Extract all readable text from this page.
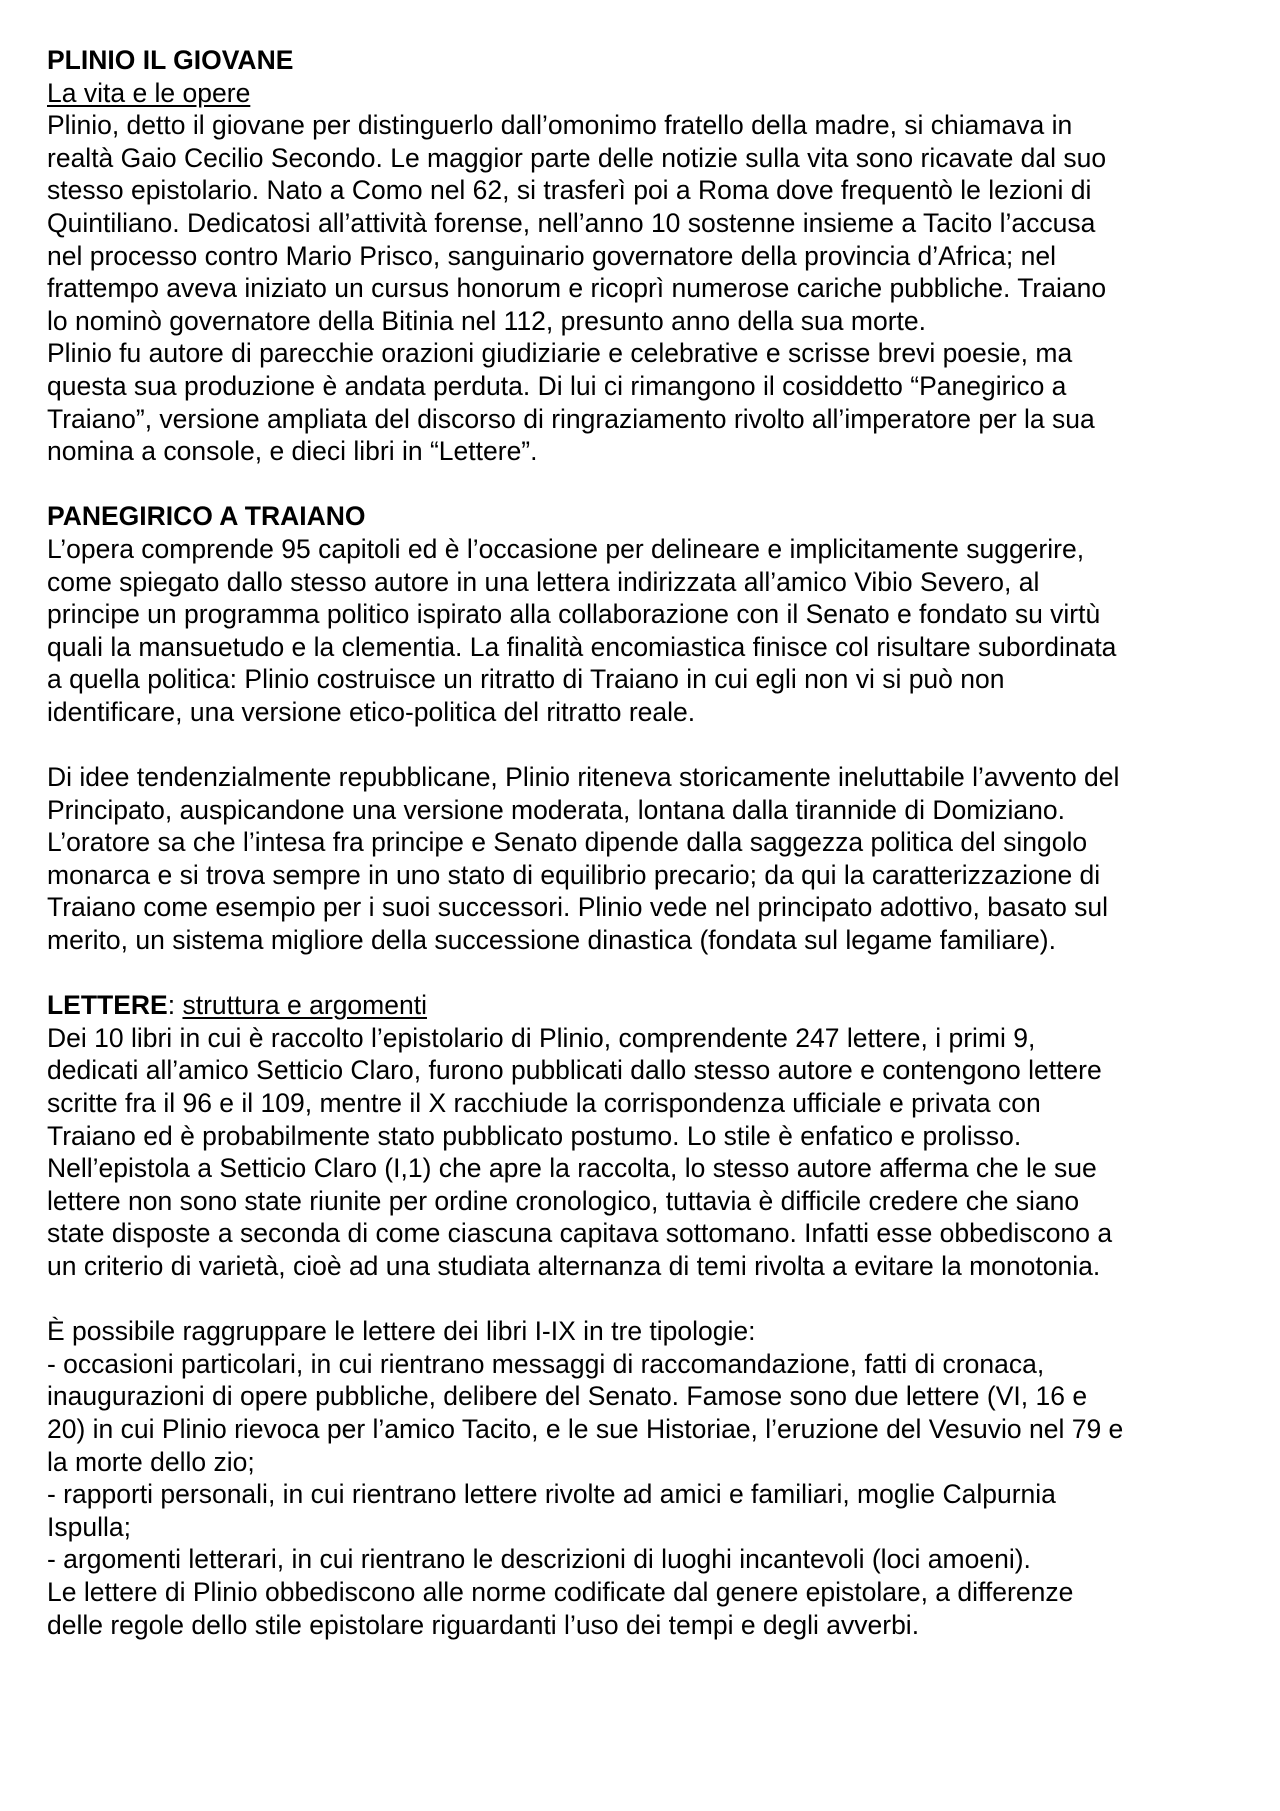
PLINIO IL GIOVANE

La vita e le opere

Plinio, detto il giovane per distinguerlo dall’omonimo fratello della madre, si chiamava in
realtà Gaio Cecilio Secondo. Le maggior parte delle notizie sulla vita sono ricavate dal suo
stesso epistolario. Nato a Como nel 62, si trasferì poi a Roma dove frequentò le lezioni di
Quintiliano. Dedicatosi all’attività forense, nell’anno 10 sostenne insieme a Tacito l’accusa
nel processo contro Mario Prisco, sanguinario governatore della provincia d’Africa; nel
frattempo aveva iniziato un cursus honorum e ricoprì numerose cariche pubbliche. Traiano
lo nominò governatore della Bitinia nel 112, presunto anno della sua morte.

Plinio fu autore di parecchie orazioni giudiziarie e celebrative e scrisse brevi poesie, ma
questa sua produzione è andata perduta. Di lui ci rimangono il cosiddetto “Panegirico a
Traiano”, versione ampliata del discorso di ringraziamento rivolto all’imperatore per la sua
nomina a console, e dieci libri in “Lettere”.

PANEGIRICO A TRAIANO

L’opera comprende 95 capitoli ed è l’occasione per delineare e implicitamente suggerire,
come spiegato dallo stesso autore in una lettera indirizzata all’amico Vibio Severo, al
principe un programma politico ispirato alla collaborazione con il Senato e fondato su virtù
quali la mansuetudo e la clementia. La finalità encomiastica finisce col risultare subordinata
a quella politica: Plinio costruisce un ritratto di Traiano in cui egli non vi si può non
identificare, una versione etico-politica del ritratto reale.

Di idee tendenzialmente repubblicane, Plinio riteneva storicamente ineluttabile l’avvento del
Principato, auspicandone una versione moderata, lontana dalla tirannide di Domiziano.
L’oratore sa che l’intesa fra principe e Senato dipende dalla saggezza politica del singolo
monarca e si trova sempre in uno stato di equilibrio precario; da qui la caratterizzazione di
Traiano come esempio per i suoi successori. Plinio vede nel principato adottivo, basato sul
merito, un sistema migliore della successione dinastica (fondata sul legame familiare).

LETTERE: struttura e argomenti

Dei 10 libri in cui è raccolto l’epistolario di Plinio, comprendente 247 lettere, i primi 9,
dedicati all’amico Setticio Claro, furono pubblicati dallo stesso autore e contengono lettere
scritte fra il 96 e il 109, mentre il X racchiude la corrispondenza ufficiale e privata con
Traiano ed è probabilmente stato pubblicato postumo. Lo stile è enfatico e prolisso.
Nell’epistola a Setticio Claro (I,1) che apre la raccolta, lo stesso autore afferma che le sue
lettere non sono state riunite per ordine cronologico, tuttavia è difficile credere che siano
state disposte a seconda di come ciascuna capitava sottomano. Infatti esse obbediscono a
un criterio di varietà, cioè ad una studiata alternanza di temi rivolta a evitare la monotonia.

È possibile raggruppare le lettere dei libri I-IX in tre tipologie:
- occasioni particolari, in cui rientrano messaggi di raccomandazione, fatti di cronaca,
inaugurazioni di opere pubbliche, delibere del Senato. Famose sono due lettere (VI, 16 e
20) in cui Plinio rievoca per l’amico Tacito, e le sue Historiae, l’eruzione del Vesuvio nel 79 e
la morte dello zio;
- rapporti personali, in cui rientrano lettere rivolte ad amici e familiari, moglie Calpurnia
Ispulla;
- argomenti letterari, in cui rientrano le descrizioni di luoghi incantevoli (loci amoeni).
Le lettere di Plinio obbediscono alle norme codificate dal genere epistolare, a differenze
delle regole dello stile epistolare riguardanti l’uso dei tempi e degli avverbi.
